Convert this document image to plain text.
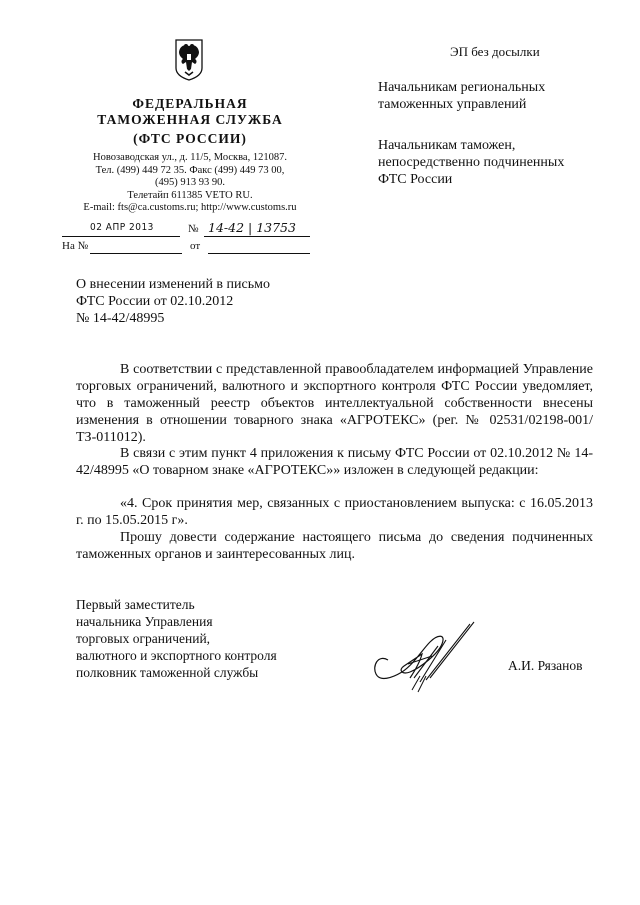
ФЕДЕРАЛЬНАЯ
ТАМОЖЕННАЯ СЛУЖБА
(ФТС РОССИИ)
Новозаводская ул., д. 11/5, Москва, 121087.
Тел. (499) 449 72 35. Факс (499) 449 73 00,
(495) 913 93 90.
Телетайп 611385 VETO RU.
E-mail: fts@ca.customs.ru; http://www.customs.ru
02 АПР 2013	№ 14-42 | 13753
На №	от
ЭП без досылки
Начальникам региональных
таможенных управлений
Начальникам таможен,
непосредственно подчиненных
ФТС России
О внесении изменений в письмо
ФТС России от 02.10.2012
№ 14-42/48995
В соответствии с представленной правообладателем информацией Управление торговых ограничений, валютного и экспортного контроля ФТС России уведомляет, что в таможенный реестр объектов интеллектуальной собственности внесены изменения в отношении товарного знака «АГРОТЕКС» (рег. № 02531/02198-001/ТЗ-011012).
В связи с этим пункт 4 приложения к письму ФТС России от 02.10.2012 № 14-42/48995 «О товарном знаке «АГРОТЕКС»» изложен в следующей редакции:
«4. Срок принятия мер, связанных с приостановлением выпуска: с 16.05.2013 г. по 15.05.2015 г».
Прошу довести содержание настоящего письма до сведения подчиненных таможенных органов и заинтересованных лиц.
Первый заместитель
начальника Управления
торговых ограничений,
валютного и экспортного контроля
полковник таможенной службы	А.И. Рязанов
